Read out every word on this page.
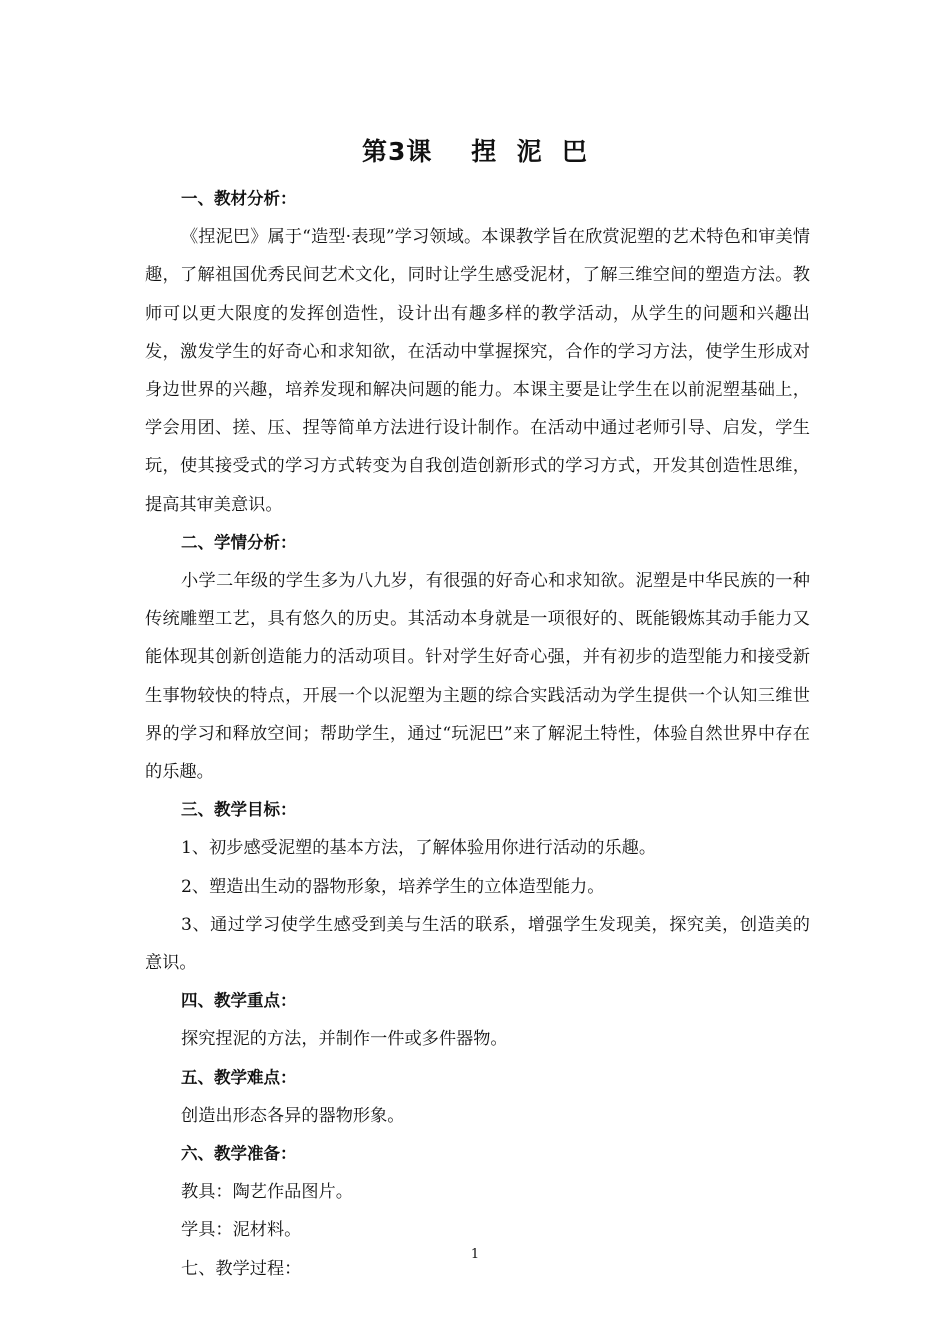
第3课    捏  泥  巴

一、教材分析：

《捏泥巴》属于“造型·表现”学习领域。本课教学旨在欣赏泥塑的艺术特色和审美情趣，了解祖国优秀民间艺术文化，同时让学生感受泥材，了解三维空间的塑造方法。教师可以更大限度的发挥创造性，设计出有趣多样的教学活动，从学生的问题和兴趣出发，激发学生的好奇心和求知欲，在活动中掌握探究，合作的学习方法，使学生形成对身边世界的兴趣，培养发现和解决问题的能力。本课主要是让学生在以前泥塑基础上，学会用团、搓、压、捏等简单方法进行设计制作。在活动中通过老师引导、启发，学生玩，使其接受式的学习方式转变为自我创造创新形式的学习方式，开发其创造性思维，提高其审美意识。

二、学情分析：

小学二年级的学生多为八九岁，有很强的好奇心和求知欲。泥塑是中华民族的一种传统雕塑工艺，具有悠久的历史。其活动本身就是一项很好的、既能锻炼其动手能力又能体现其创新创造能力的活动项目。针对学生好奇心强，并有初步的造型能力和接受新生事物较快的特点，开展一个以泥塑为主题的综合实践活动为学生提供一个认知三维世界的学习和释放空间；帮助学生，通过“玩泥巴”来了解泥土特性，体验自然世界中存在的乐趣。

三、教学目标：

1、初步感受泥塑的基本方法，了解体验用你进行活动的乐趣。

2、塑造出生动的器物形象，培养学生的立体造型能力。

3、通过学习使学生感受到美与生活的联系，增强学生发现美，探究美，创造美的意识。

四、教学重点：

探究捏泥的方法，并制作一件或多件器物。

五、教学难点：

创造出形态各异的器物形象。

六、教学准备：

教具：陶艺作品图片。

学具：泥材料。

七、教学过程：

1
